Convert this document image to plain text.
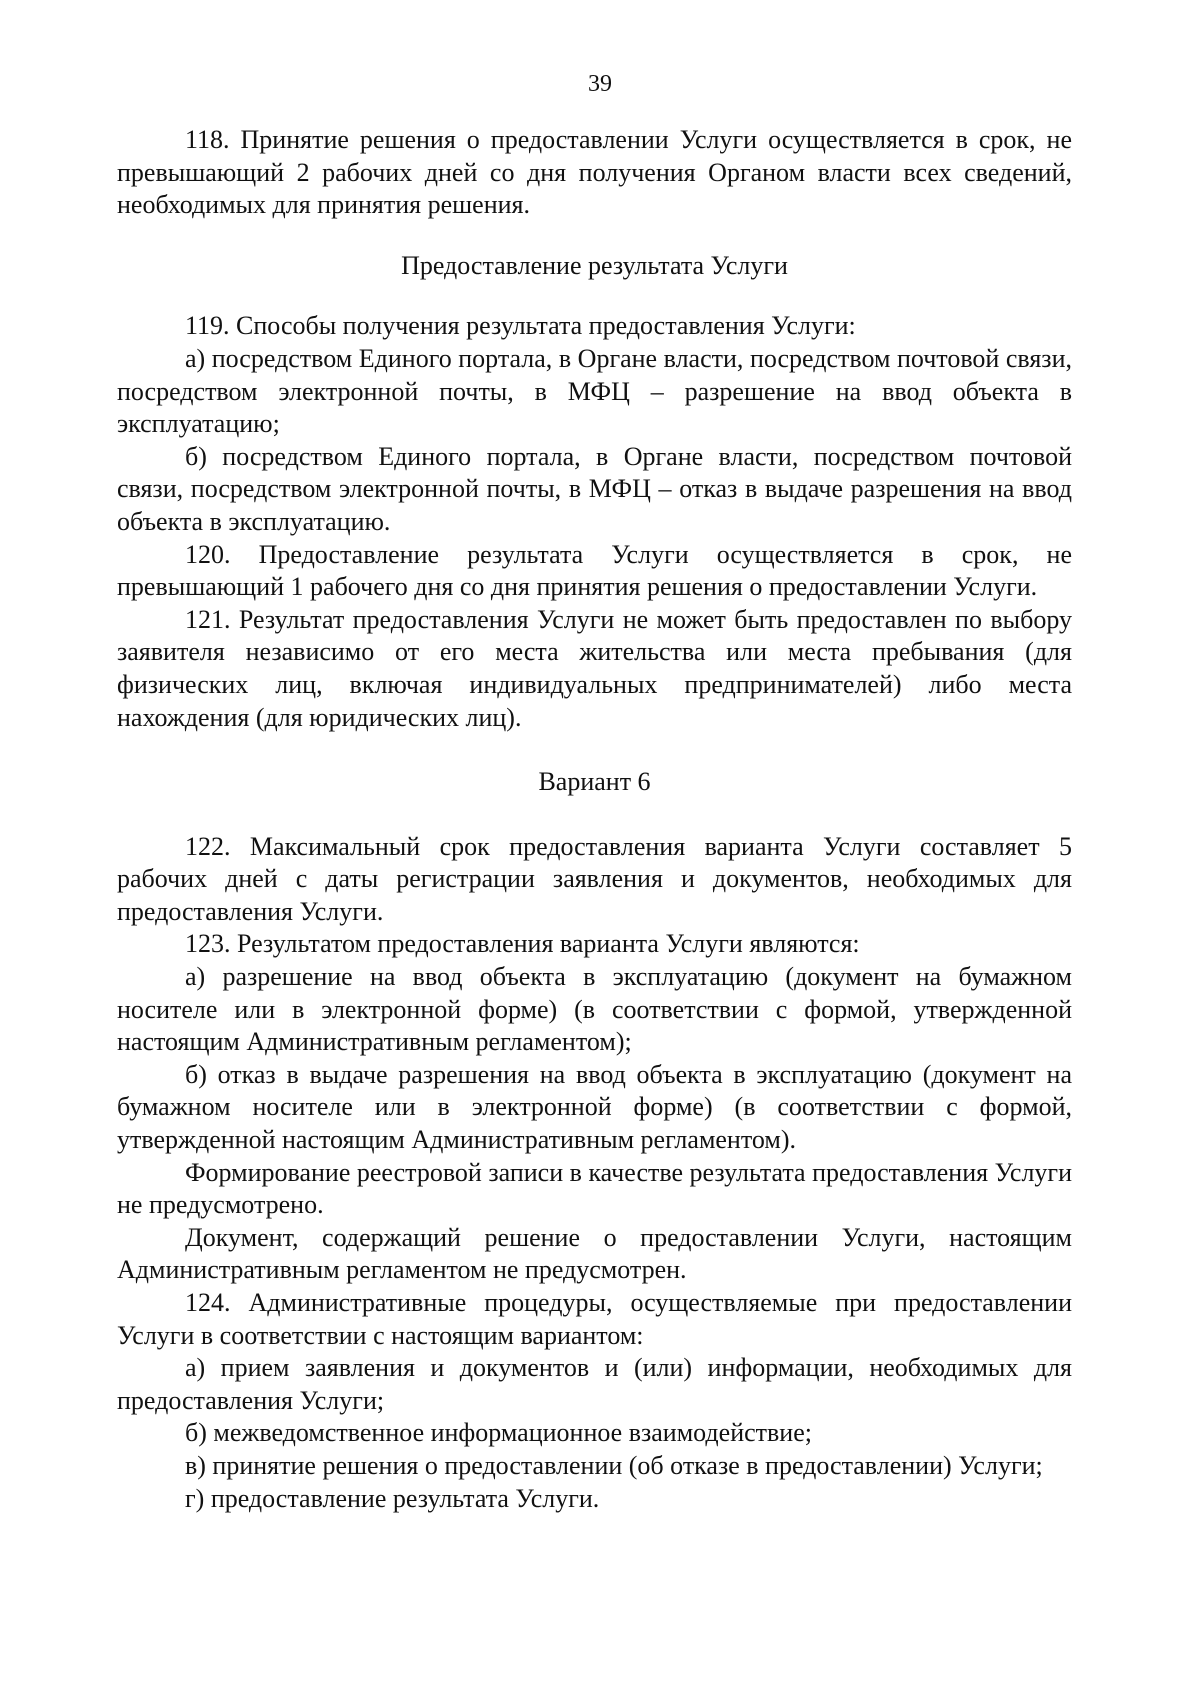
39

118. Принятие решения о предоставлении Услуги осуществляется в срок, не превышающий 2 рабочих дней со дня получения Органом власти всех сведений, необходимых для принятия решения.

Предоставление результата Услуги

119. Способы получения результата предоставления Услуги:

а) посредством Единого портала, в Органе власти, посредством почтовой связи, посредством электронной почты, в МФЦ – разрешение на ввод объекта в эксплуатацию;

б) посредством Единого портала, в Органе власти, посредством почтовой связи, посредством электронной почты, в МФЦ – отказ в выдаче разрешения на ввод объекта в эксплуатацию.

120. Предоставление результата Услуги осуществляется в срок, не превышающий 1 рабочего дня со дня принятия решения о предоставлении Услуги.

121. Результат предоставления Услуги не может быть предоставлен по выбору заявителя независимо от его места жительства или места пребывания (для физических лиц, включая индивидуальных предпринимателей) либо места нахождения (для юридических лиц).

Вариант 6

122. Максимальный срок предоставления варианта Услуги составляет 5 рабочих дней с даты регистрации заявления и документов, необходимых для предоставления Услуги.

123. Результатом предоставления варианта Услуги являются:

а) разрешение на ввод объекта в эксплуатацию (документ на бумажном носителе или в электронной форме) (в соответствии с формой, утвержденной настоящим Административным регламентом);

б) отказ в выдаче разрешения на ввод объекта в эксплуатацию (документ на бумажном носителе или в электронной форме) (в соответствии с формой, утвержденной настоящим Административным регламентом).

Формирование реестровой записи в качестве результата предоставления Услуги не предусмотрено.

Документ, содержащий решение о предоставлении Услуги, настоящим Административным регламентом не предусмотрен.

124. Административные процедуры, осуществляемые при предоставлении Услуги в соответствии с настоящим вариантом:

а) прием заявления и документов и (или) информации, необходимых для предоставления Услуги;

б) межведомственное информационное взаимодействие;

в) принятие решения о предоставлении (об отказе в предоставлении) Услуги;

г) предоставление результата Услуги.
